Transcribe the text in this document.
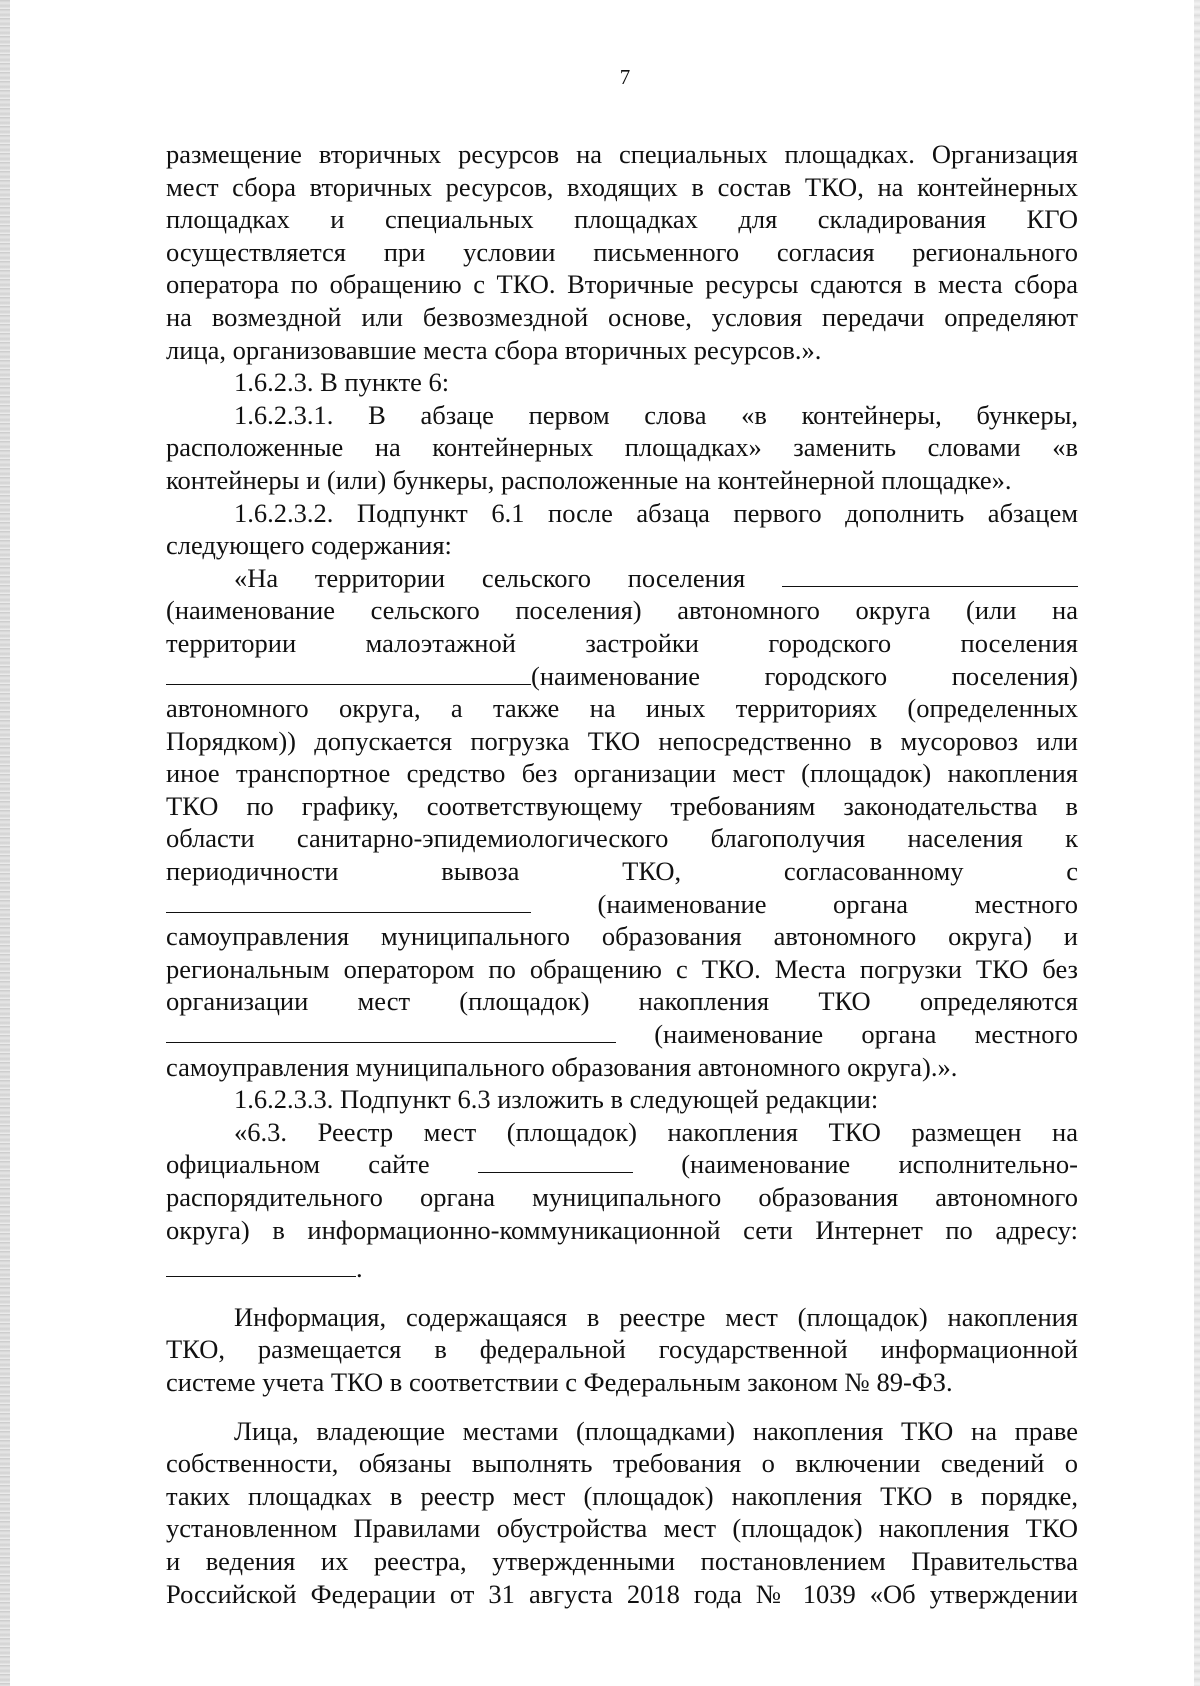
7

размещение вторичных ресурсов на специальных площадках. Организация

мест сбора вторичных ресурсов, входящих в состав ТКО, на контейнерных

площадках и специальных площадках для складирования КГО

осуществляется при условии письменного согласия регионального

оператора по обращению с ТКО. Вторичные ресурсы сдаются в места сбора

на возмездной или безвозмездной основе, условия передачи определяют

лица, организовавшие места сбора вторичных ресурсов.».

1.6.2.3. В пункте 6:

1.6.2.3.1. В абзаце первом слова «в контейнеры, бункеры,

расположенные на контейнерных площадках» заменить словами «в

контейнеры и (или) бункеры, расположенные на контейнерной площадке».

1.6.2.3.2. Подпункт 6.1 после абзаца первого дополнить абзацем

следующего содержания:

«На территории сельского поселения

(наименование сельского поселения) автономного округа (или на

территории малоэтажной застройки городского поселения

(наименование городского поселения)

автономного округа, а также на иных территориях (определенных

Порядком)) допускается погрузка ТКО непосредственно в мусоровоз или

иное транспортное средство без организации мест (площадок) накопления

ТКО по графику, соответствующему требованиям законодательства в

области санитарно-эпидемиологического благополучия населения к

периодичности вывоза ТКО, согласованному с

(наименование органа местного

самоуправления муниципального образования автономного округа) и

региональным оператором по обращению с ТКО. Места погрузки ТКО без

организации мест (площадок) накопления ТКО определяются

(наименование органа местного

самоуправления муниципального образования автономного округа).».

1.6.2.3.3. Подпункт 6.3 изложить в следующей редакции:

«6.3. Реестр мест (площадок) накопления ТКО размещен на

официальном сайте	(наименование исполнительно-

распорядительного органа муниципального образования автономного

округа) в информационно-коммуникационной сети Интернет по адресу:

.

Информация, содержащаяся в реестре мест (площадок) накопления

ТКО, размещается в федеральной государственной информационной

системе учета ТКО в соответствии с Федеральным законом № 89-ФЗ.

Лица, владеющие местами (площадками) накопления ТКО на праве

собственности, обязаны выполнять требования о включении сведений о

таких площадках в реестр мест (площадок) накопления ТКО в порядке,

установленном Правилами обустройства мест (площадок) накопления ТКО

и ведения их реестра, утвержденными постановлением Правительства

Российской Федерации от 31 августа 2018 года № 1039 «Об утверждении
